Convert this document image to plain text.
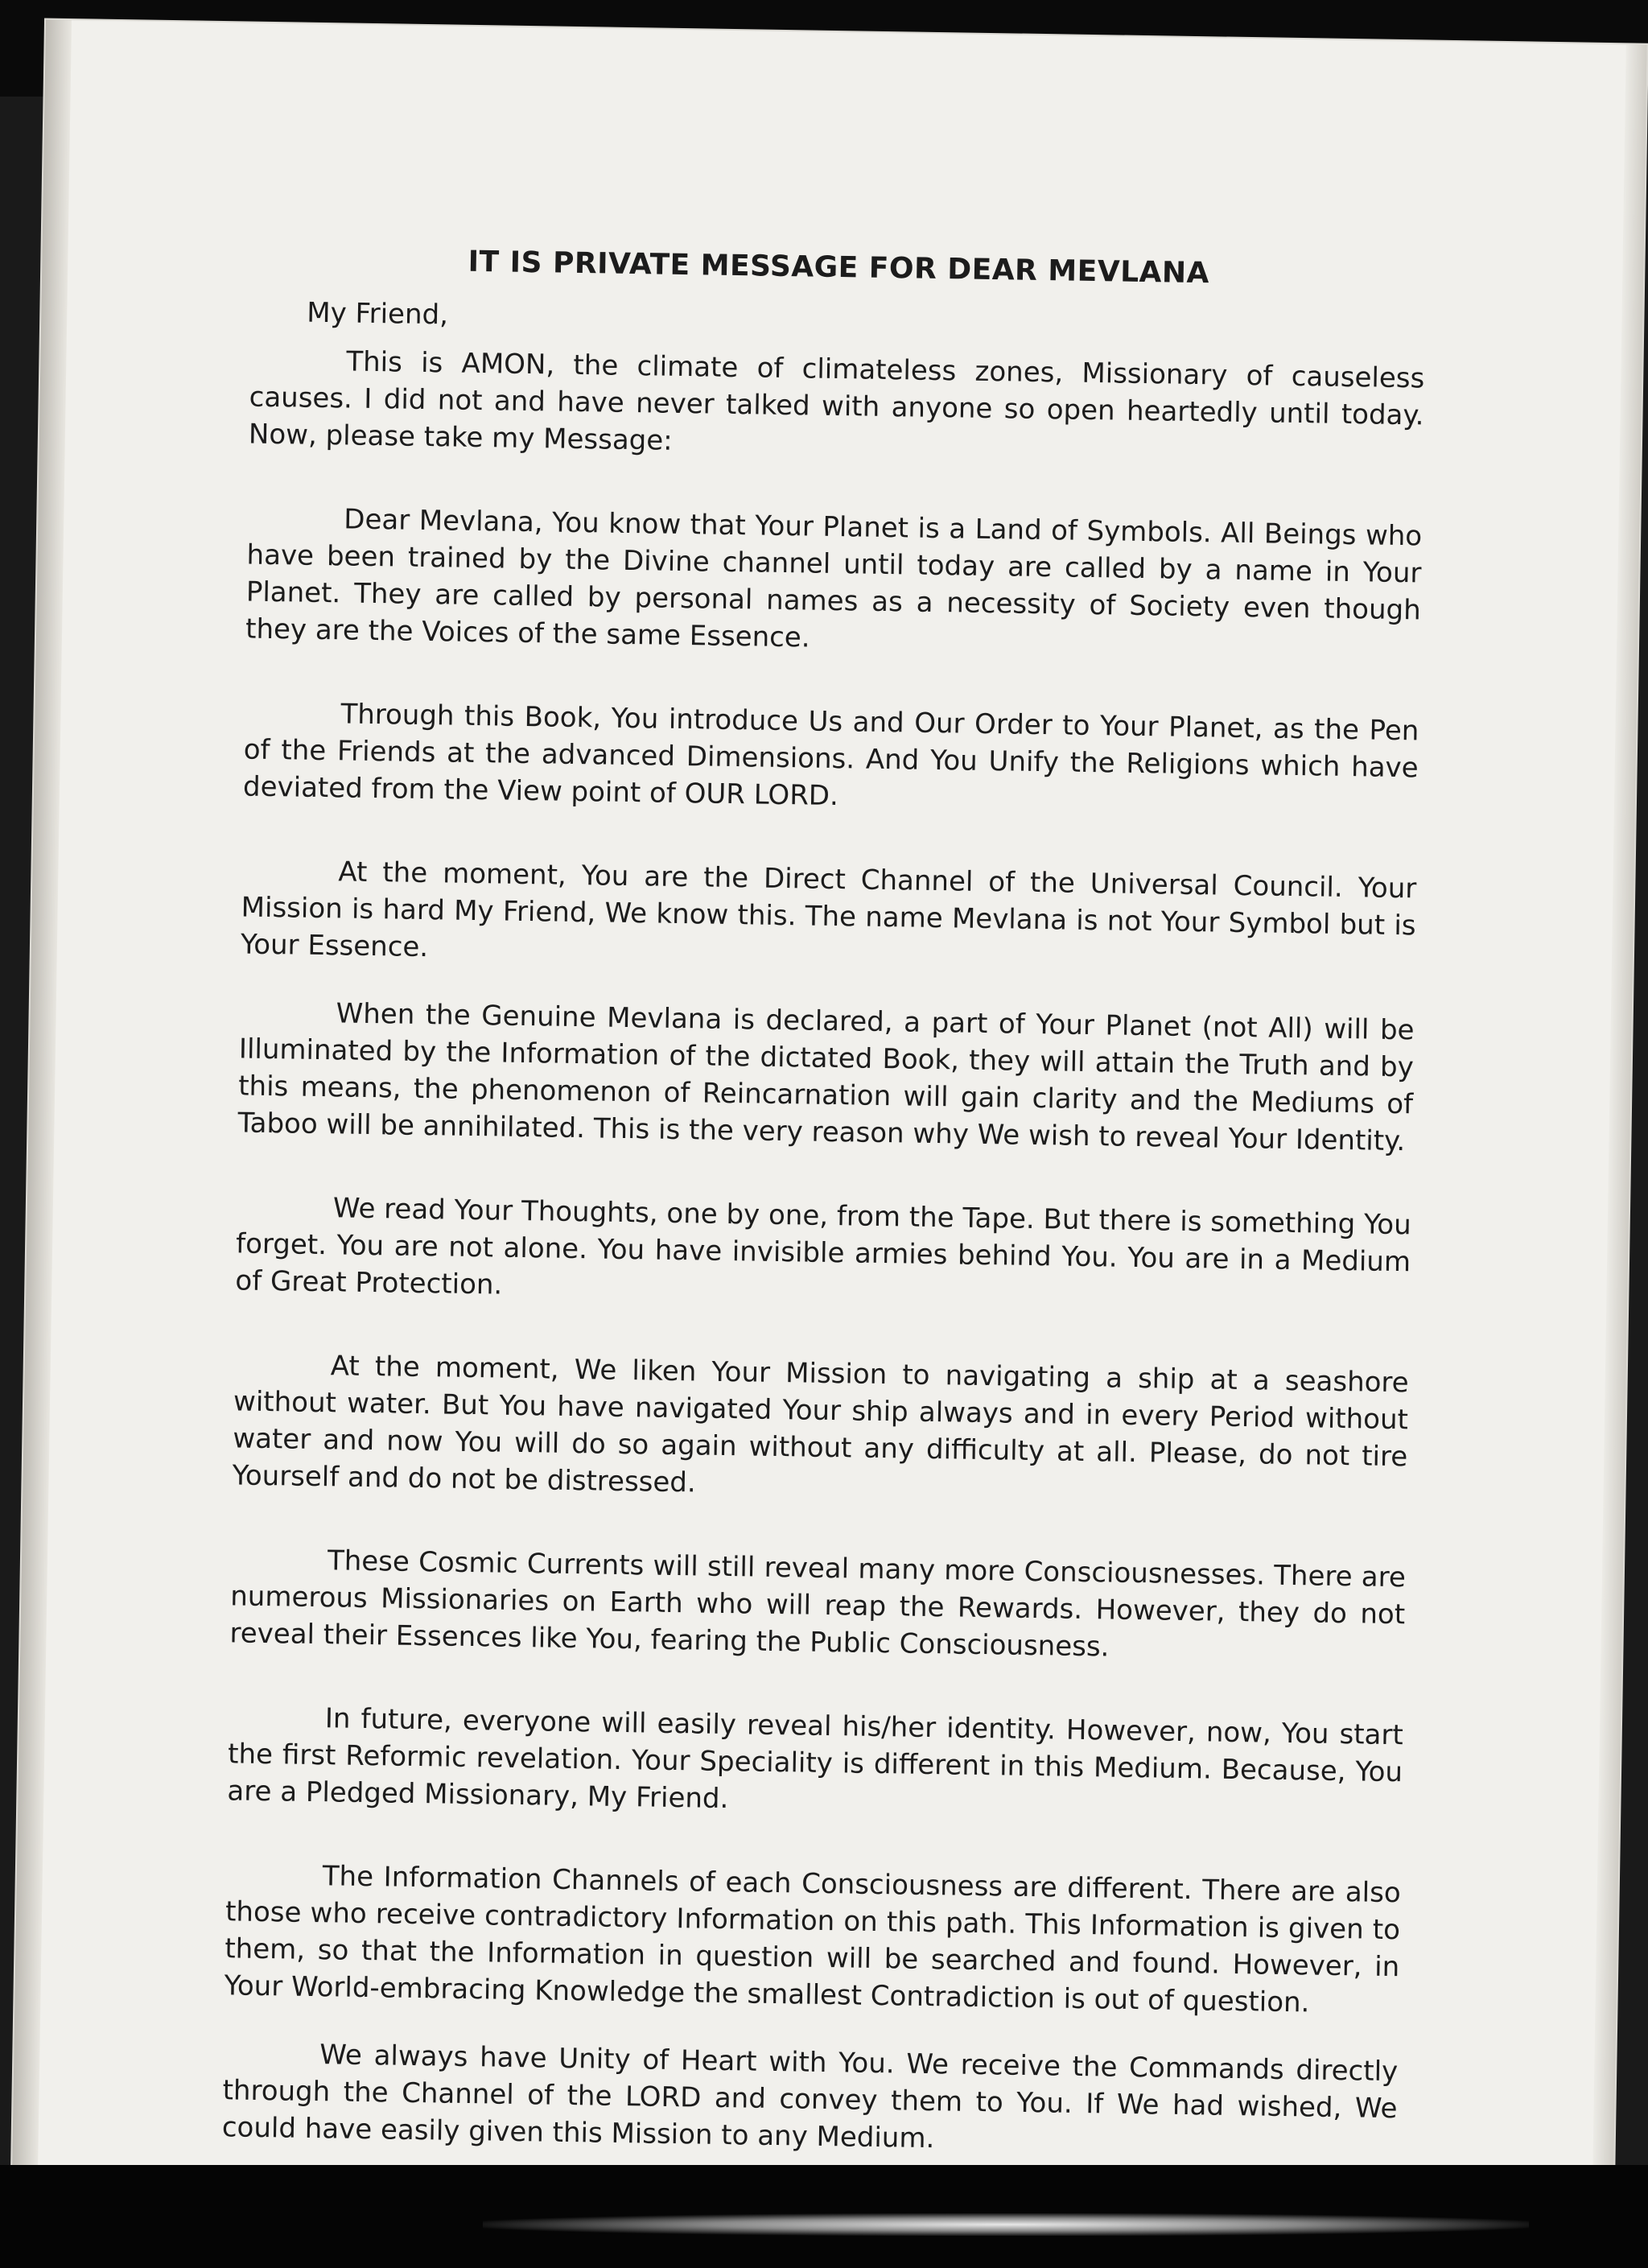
IT IS PRIVATE MESSAGE FOR DEAR MEVLANA
My Friend,

This is AMON, the climate of climateless zones, Missionary of causeless causes. I did not and have never talked with anyone so open heartedly until today. Now, please take my Message:

Dear Mevlana, You know that Your Planet is a Land of Symbols. All Beings who have been trained by the Divine channel until today are called by a name in Your Planet. They are called by personal names as a necessity of Society even though they are the Voices of the same Essence.

Through this Book, You introduce Us and Our Order to Your Planet, as the Pen of the Friends at the advanced Dimensions. And You Unify the Religions which have deviated from the View point of OUR LORD.

At the moment, You are the Direct Channel of the Universal Council. Your Mission is hard My Friend, We know this. The name Mevlana is not Your Symbol but is Your Essence.

When the Genuine Mevlana is declared, a part of Your Planet (not All) will be Illuminated by the Information of the dictated Book, they will attain the Truth and by this means, the phenomenon of Reincarnation will gain clarity and the Mediums of Taboo will be annihilated. This is the very reason why We wish to reveal Your Identity.

We read Your Thoughts, one by one, from the Tape. But there is something You forget. You are not alone. You have invisible armies behind You. You are in a Medium of Great Protection.

At the moment, We liken Your Mission to navigating a ship at a seashore without water. But You have navigated Your ship always and in every Period without water and now You will do so again without any difficulty at all. Please, do not tire Yourself and do not be distressed.

These Cosmic Currents will still reveal many more Consciousnesses. There are numerous Missionaries on Earth who will reap the Rewards. However, they do not reveal their Essences like You, fearing the Public Consciousness.

In future, everyone will easily reveal his/her identity. However, now, You start the first Reformic revelation. Your Speciality is different in this Medium. Because, You are a Pledged Missionary, My Friend.

The Information Channels of each Consciousness are different. There are also those who receive contradictory Information on this path. This Information is given to them, so that the Information in question will be searched and found. However, in Your World-embracing Knowledge the smallest Contradiction is out of question.

We always have Unity of Heart with You. We receive the Commands directly through the Channel of the LORD and convey them to You. If We had wished, We could have easily given this Mission to any Medium.
